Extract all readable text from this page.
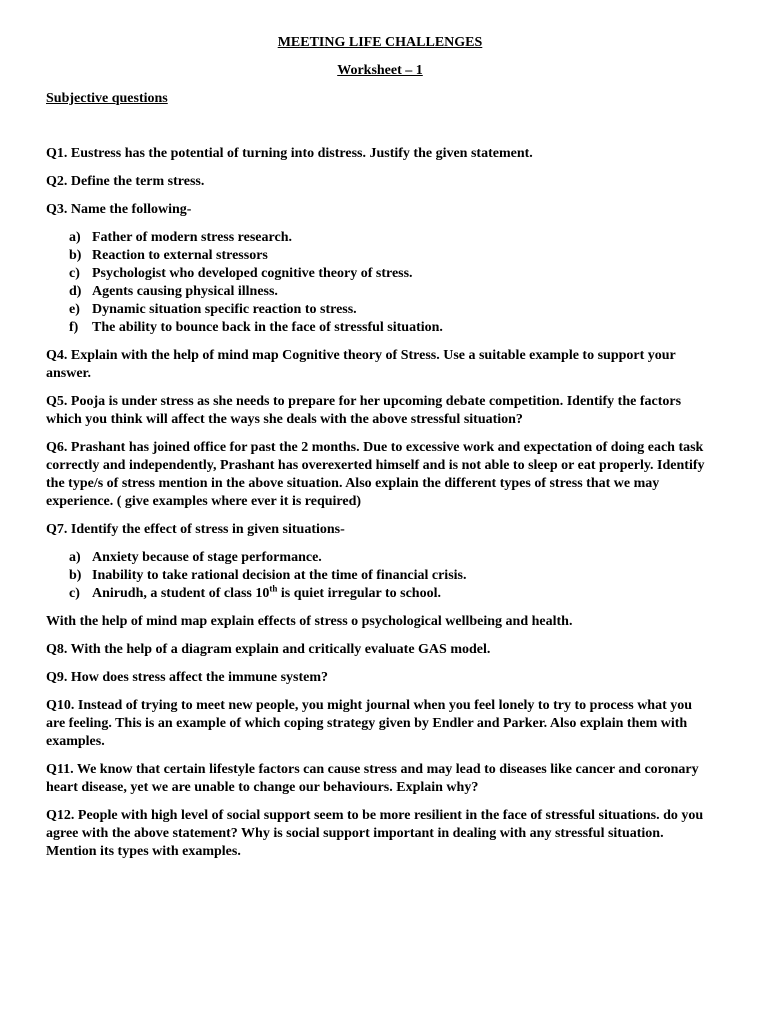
MEETING LIFE CHALLENGES

Worksheet – 1

Subjective questions

Q1. Eustress has the potential of turning into distress. Justify the given statement.

Q2. Define the term stress.

Q3. Name the following-

a) Father of modern stress research.
b) Reaction to external stressors
c) Psychologist who developed cognitive theory of stress.
d) Agents causing physical illness.
e) Dynamic situation specific reaction to stress.
f) The ability to bounce back in the face of stressful situation.

Q4. Explain with the help of mind map Cognitive theory of Stress. Use a suitable example to support your answer.

Q5. Pooja is under stress as she needs to prepare for her upcoming debate competition. Identify the factors which you think will affect the ways she deals with the above stressful situation?

Q6. Prashant has joined office for past the 2 months. Due to excessive work and expectation of doing each task correctly and independently, Prashant has overexerted himself and is not able to sleep or eat properly. Identify the type/s of stress mention in the above situation. Also explain the different types of stress that we may experience. ( give examples where ever it is required)

Q7. Identify the effect of stress in given situations-

a) Anxiety because of stage performance.
b) Inability to take rational decision at the time of financial crisis.
c) Anirudh, a student of class 10th is quiet irregular to school.

With the help of mind map explain effects of stress o psychological wellbeing and health.

Q8. With the help of a diagram explain and critically evaluate GAS model.

Q9. How does stress affect the immune system?

Q10. Instead of trying to meet new people, you might journal when you feel lonely to try to process what you are feeling. This is an example of which coping strategy given by Endler and Parker. Also explain them with examples.

Q11. We know that certain lifestyle factors can cause stress and may lead to diseases like cancer and coronary heart disease, yet we are unable to change our behaviours. Explain why?

Q12. People with high level of social support seem to be more resilient in the face of stressful situations. do you agree with the above statement? Why is social support important in dealing with any stressful situation. Mention its types with examples.
